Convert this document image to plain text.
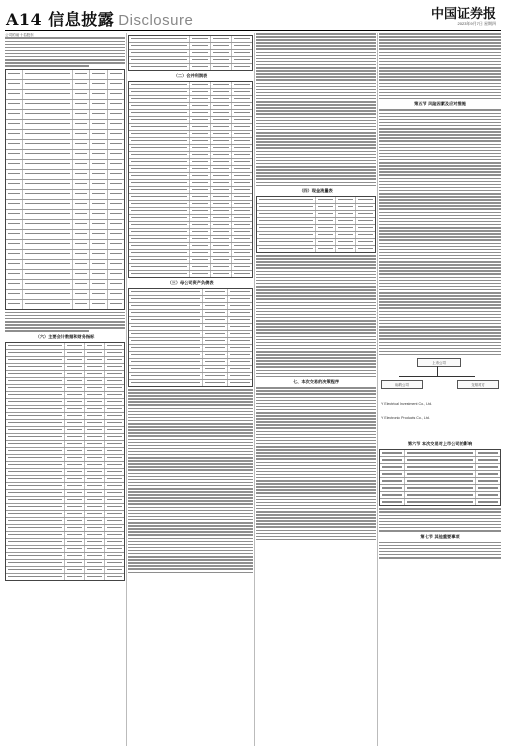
A14 信息披露 Disclosure	中国证券报
2023年9月7日 星期四
公司的前十名股东
（六）主要会计数据和财务指标
（二）合并利润表
（三）母公司资产负债表
（四）现金流量表
七、本次交易的决策程序
第五节 风险因素及应对措施
上市公司
标的公司	交易对方
Y Electrical Investment Co., Ltd.
Y Electronic Products Co., Ltd.
第六节 本次交易对上市公司的影响
第七节 其他重要事项
